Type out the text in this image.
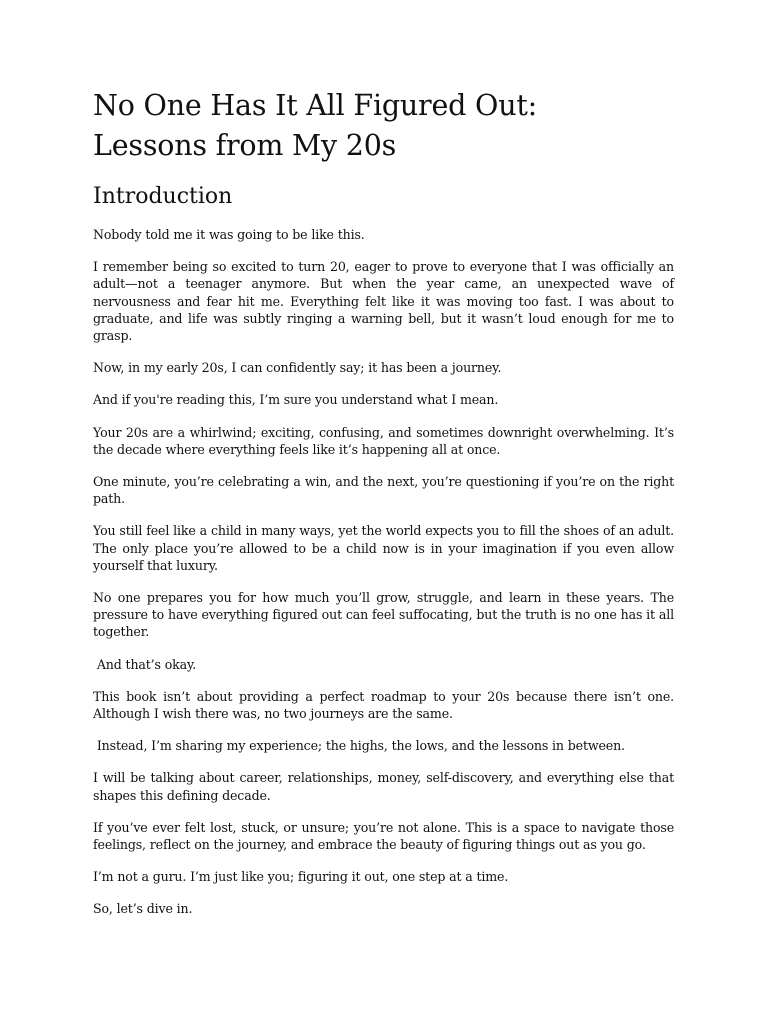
No One Has It All Figured Out:
Lessons from My 20s
Introduction

Nobody told me it was going to be like this.

I remember being so excited to turn 20, eager to prove to everyone that I was officially an adult—not a teenager anymore. But when the year came, an unexpected wave of nervousness and fear hit me. Everything felt like it was moving too fast. I was about to graduate, and life was subtly ringing a warning bell, but it wasn’t loud enough for me to grasp.

Now, in my early 20s, I can confidently say; it has been a journey.

And if you're reading this, I’m sure you understand what I mean.

Your 20s are a whirlwind; exciting, confusing, and sometimes downright overwhelming. It’s the decade where everything feels like it’s happening all at once.

One minute, you’re celebrating a win, and the next, you’re questioning if you’re on the right path.

You still feel like a child in many ways, yet the world expects you to fill the shoes of an adult. The only place you’re allowed to be a child now is in your imagination if you even allow yourself that luxury.

No one prepares you for how much you’ll grow, struggle, and learn in these years. The pressure to have everything figured out can feel suffocating, but the truth is no one has it all together.

And that’s okay.

This book isn’t about providing a perfect roadmap to your 20s because there isn’t one. Although I wish there was, no two journeys are the same.

Instead, I’m sharing my experience; the highs, the lows, and the lessons in between.

I will be talking about career, relationships, money, self-discovery, and everything else that shapes this defining decade.

If you’ve ever felt lost, stuck, or unsure; you’re not alone. This is a space to navigate those feelings, reflect on the journey, and embrace the beauty of figuring things out as you go.

I’m not a guru. I’m just like you; figuring it out, one step at a time.

So, let’s dive in.
